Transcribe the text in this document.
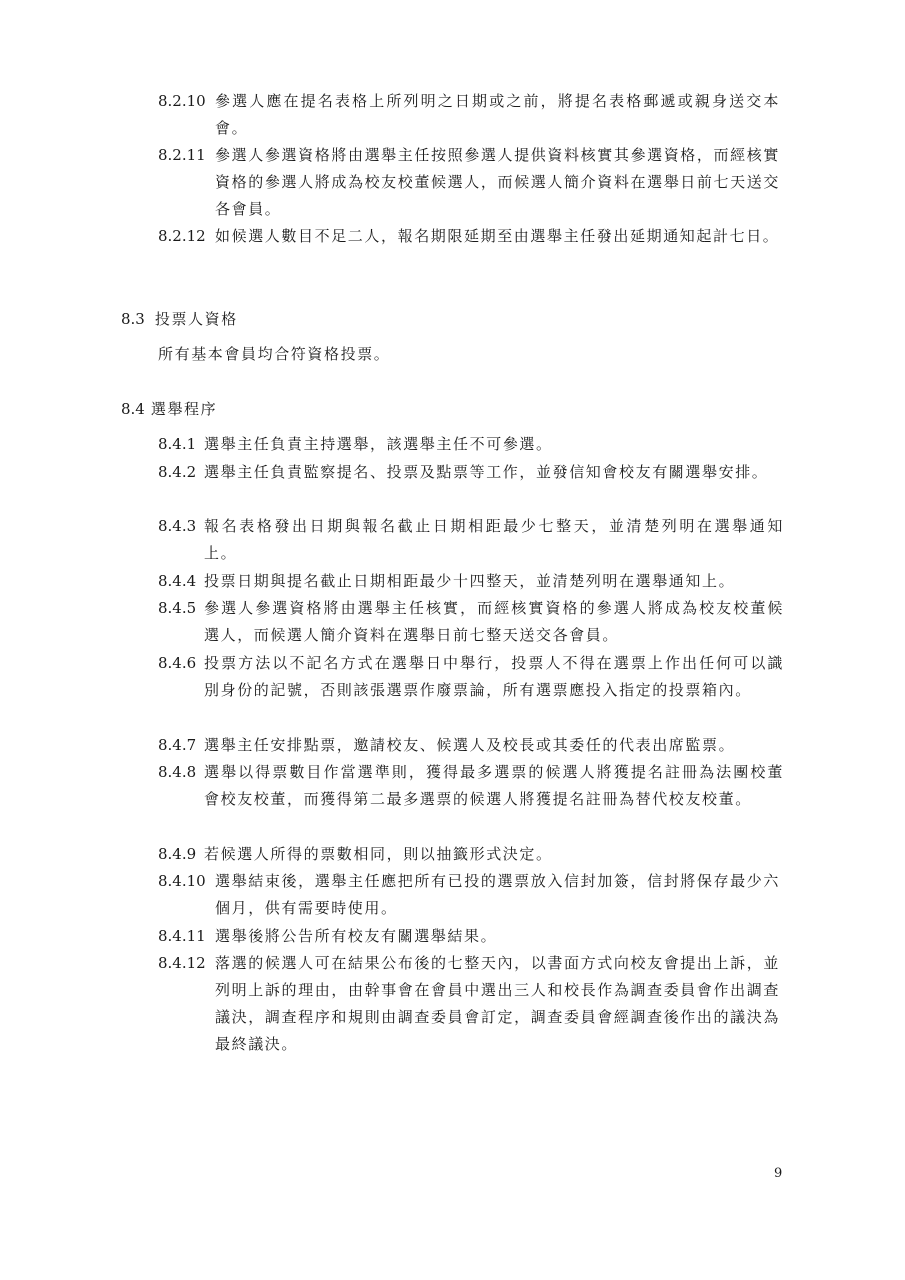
8.2.10 參選人應在提名表格上所列明之日期或之前，將提名表格郵遞或親身送交本會。
8.2.11 參選人參選資格將由選舉主任按照參選人提供資料核實其參選資格，而經核實資格的參選人將成為校友校董候選人，而候選人簡介資料在選舉日前七天送交各會員。
8.2.12 如候選人數目不足二人，報名期限延期至由選舉主任發出延期通知起計七日。
8.3 投票人資格
所有基本會員均合符資格投票。
8.4 選舉程序
8.4.1 選舉主任負責主持選舉，該選舉主任不可參選。
8.4.2 選舉主任負責監察提名、投票及點票等工作，並發信知會校友有關選舉安排。
8.4.3 報名表格發出日期與報名截止日期相距最少七整天，並清楚列明在選舉通知上。
8.4.4 投票日期與提名截止日期相距最少十四整天，並清楚列明在選舉通知上。
8.4.5 參選人參選資格將由選舉主任核實，而經核實資格的參選人將成為校友校董候選人，而候選人簡介資料在選舉日前七整天送交各會員。
8.4.6 投票方法以不記名方式在選舉日中舉行，投票人不得在選票上作出任何可以識別身份的記號，否則該張選票作廢票論，所有選票應投入指定的投票箱內。
8.4.7 選舉主任安排點票，邀請校友、候選人及校長或其委任的代表出席監票。
8.4.8 選舉以得票數目作當選準則，獲得最多選票的候選人將獲提名註冊為法團校董會校友校董，而獲得第二最多選票的候選人將獲提名註冊為替代校友校董。
8.4.9 若候選人所得的票數相同，則以抽籤形式決定。
8.4.10 選舉結束後，選舉主任應把所有已投的選票放入信封加簽，信封將保存最少六個月，供有需要時使用。
8.4.11 選舉後將公告所有校友有關選舉結果。
8.4.12 落選的候選人可在結果公布後的七整天內，以書面方式向校友會提出上訴，並列明上訴的理由，由幹事會在會員中選出三人和校長作為調查委員會作出調查議決，調查程序和規則由調查委員會訂定，調查委員會經調查後作出的議決為最終議決。
9
